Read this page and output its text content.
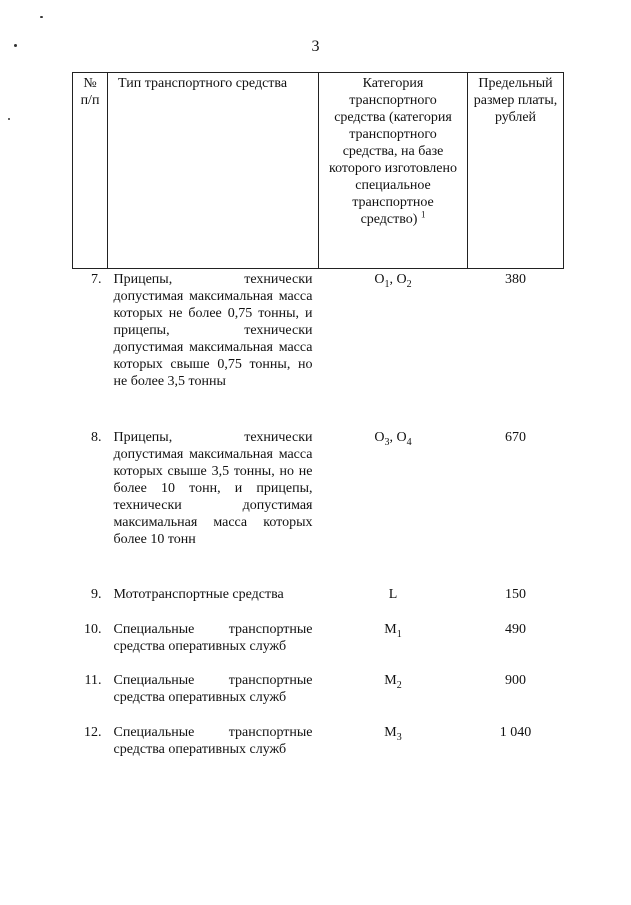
3
№ п/п	Тип транспортного средства	Категория транспортного средства (категория транспортного средства, на базе которого изготовлено специальное транспортное средство) $^1$	Предельный размер платы, рублей
7.	Прицепы, технически допустимая максимальная масса которых не более 0,75 тонны, и прицепы, технически допустимая максимальная масса которых свыше 0,75 тонны, но не более 3,5 тонны	$O_1$, $O_2$	380
8.	Прицепы, технически допустимая максимальная масса которых свыше 3,5 тонны, но не более 10 тонн, и прицепы, технически допустимая максимальная масса которых более 10 тонн	$O_3$, $O_4$	670
9.	Мототранспортные средства	L	150
10.	Специальные транспортные средства оперативных служб	$M_1$	490
11.	Специальные транспортные средства оперативных служб	$M_2$	900
12.	Специальные транспортные средства оперативных служб	$M_3$	1 040
